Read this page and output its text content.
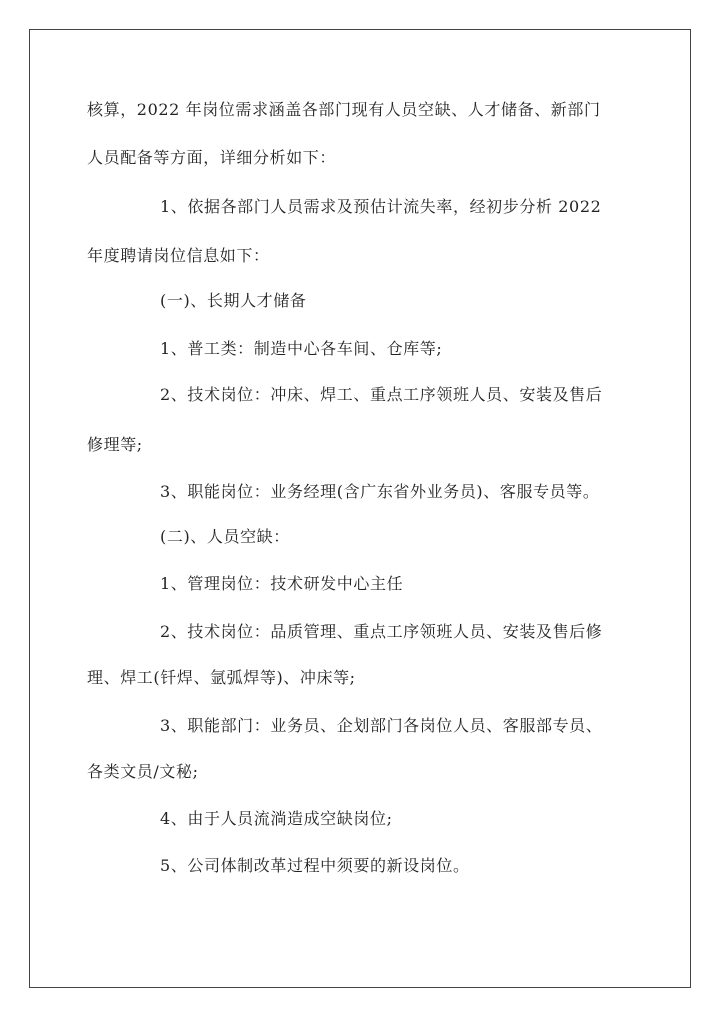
核算，2022 年岗位需求涵盖各部门现有人员空缺、人才储备、新部门
人员配备等方面，详细分析如下：
1、依据各部门人员需求及预估计流失率，经初步分析 2022
年度聘请岗位信息如下：
(一)、长期人才储备
1、普工类：制造中心各车间、仓库等;
2、技术岗位：冲床、焊工、重点工序领班人员、安装及售后
修理等;
3、职能岗位：业务经理(含广东省外业务员)、客服专员等。
(二)、人员空缺：
1、管理岗位：技术研发中心主任
2、技术岗位：品质管理、重点工序领班人员、安装及售后修
理、焊工(钎焊、氩弧焊等)、冲床等;
3、职能部门：业务员、企划部门各岗位人员、客服部专员、
各类文员/文秘;
4、由于人员流淌造成空缺岗位;
5、公司体制改革过程中须要的新设岗位。
